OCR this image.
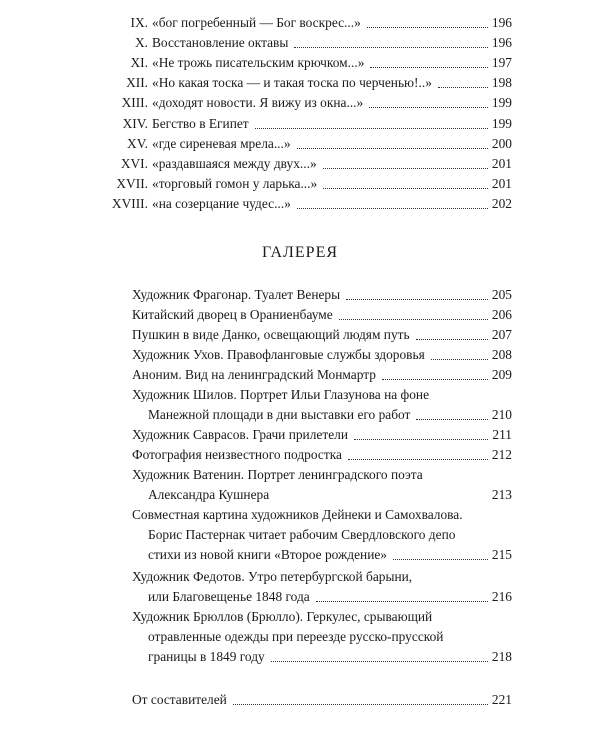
IX. «бог погребенный — Бог воскрес...»	196
X. Восстановление октавы	196
XI. «Не трожь писательским крючком...»	197
XII. «Но какая тоска — и такая тоска по черченью!..»	198
XIII. «доходят новости. Я вижу из окна...»	199
XIV. Бегство в Египет	199
XV. «где сиреневая мрела...»	200
XVI. «раздавшаяся между двух...»	201
XVII. «торговый гомон у ларька...»	201
XVIII. «на созерцание чудес...»	202
ГАЛЕРЕЯ
Художник Фрагонар. Туалет Венеры	205
Китайский дворец в Ораниенбауме	206
Пушкин в виде Данко, освещающий людям путь	207
Художник Ухов. Правофланговые службы здоровья	208
Аноним. Вид на ленинградский Монмартр	209
Художник Шилов. Портрет Ильи Глазунова на фоне
Манежной площади в дни выставки его работ	210
Художник Саврасов. Грачи прилетели	211
Фотография неизвестного подростка	212
Художник Ватенин. Портрет ленинградского поэта
Александра Кушнера	213
Совместная картина художников Дейнеки и Самохвалова.
Борис Пастернак читает рабочим Свердловского депо
стихи из новой книги «Второе рождение»	215
Художник Федотов. Утро петербургской барыни,
или Благовещенье 1848 года	216
Художник Брюллов (Брюлло). Геркулес, срывающий
отравленные одежды при переезде русско-прусской
границы в 1849 году	218
От составителей	221
